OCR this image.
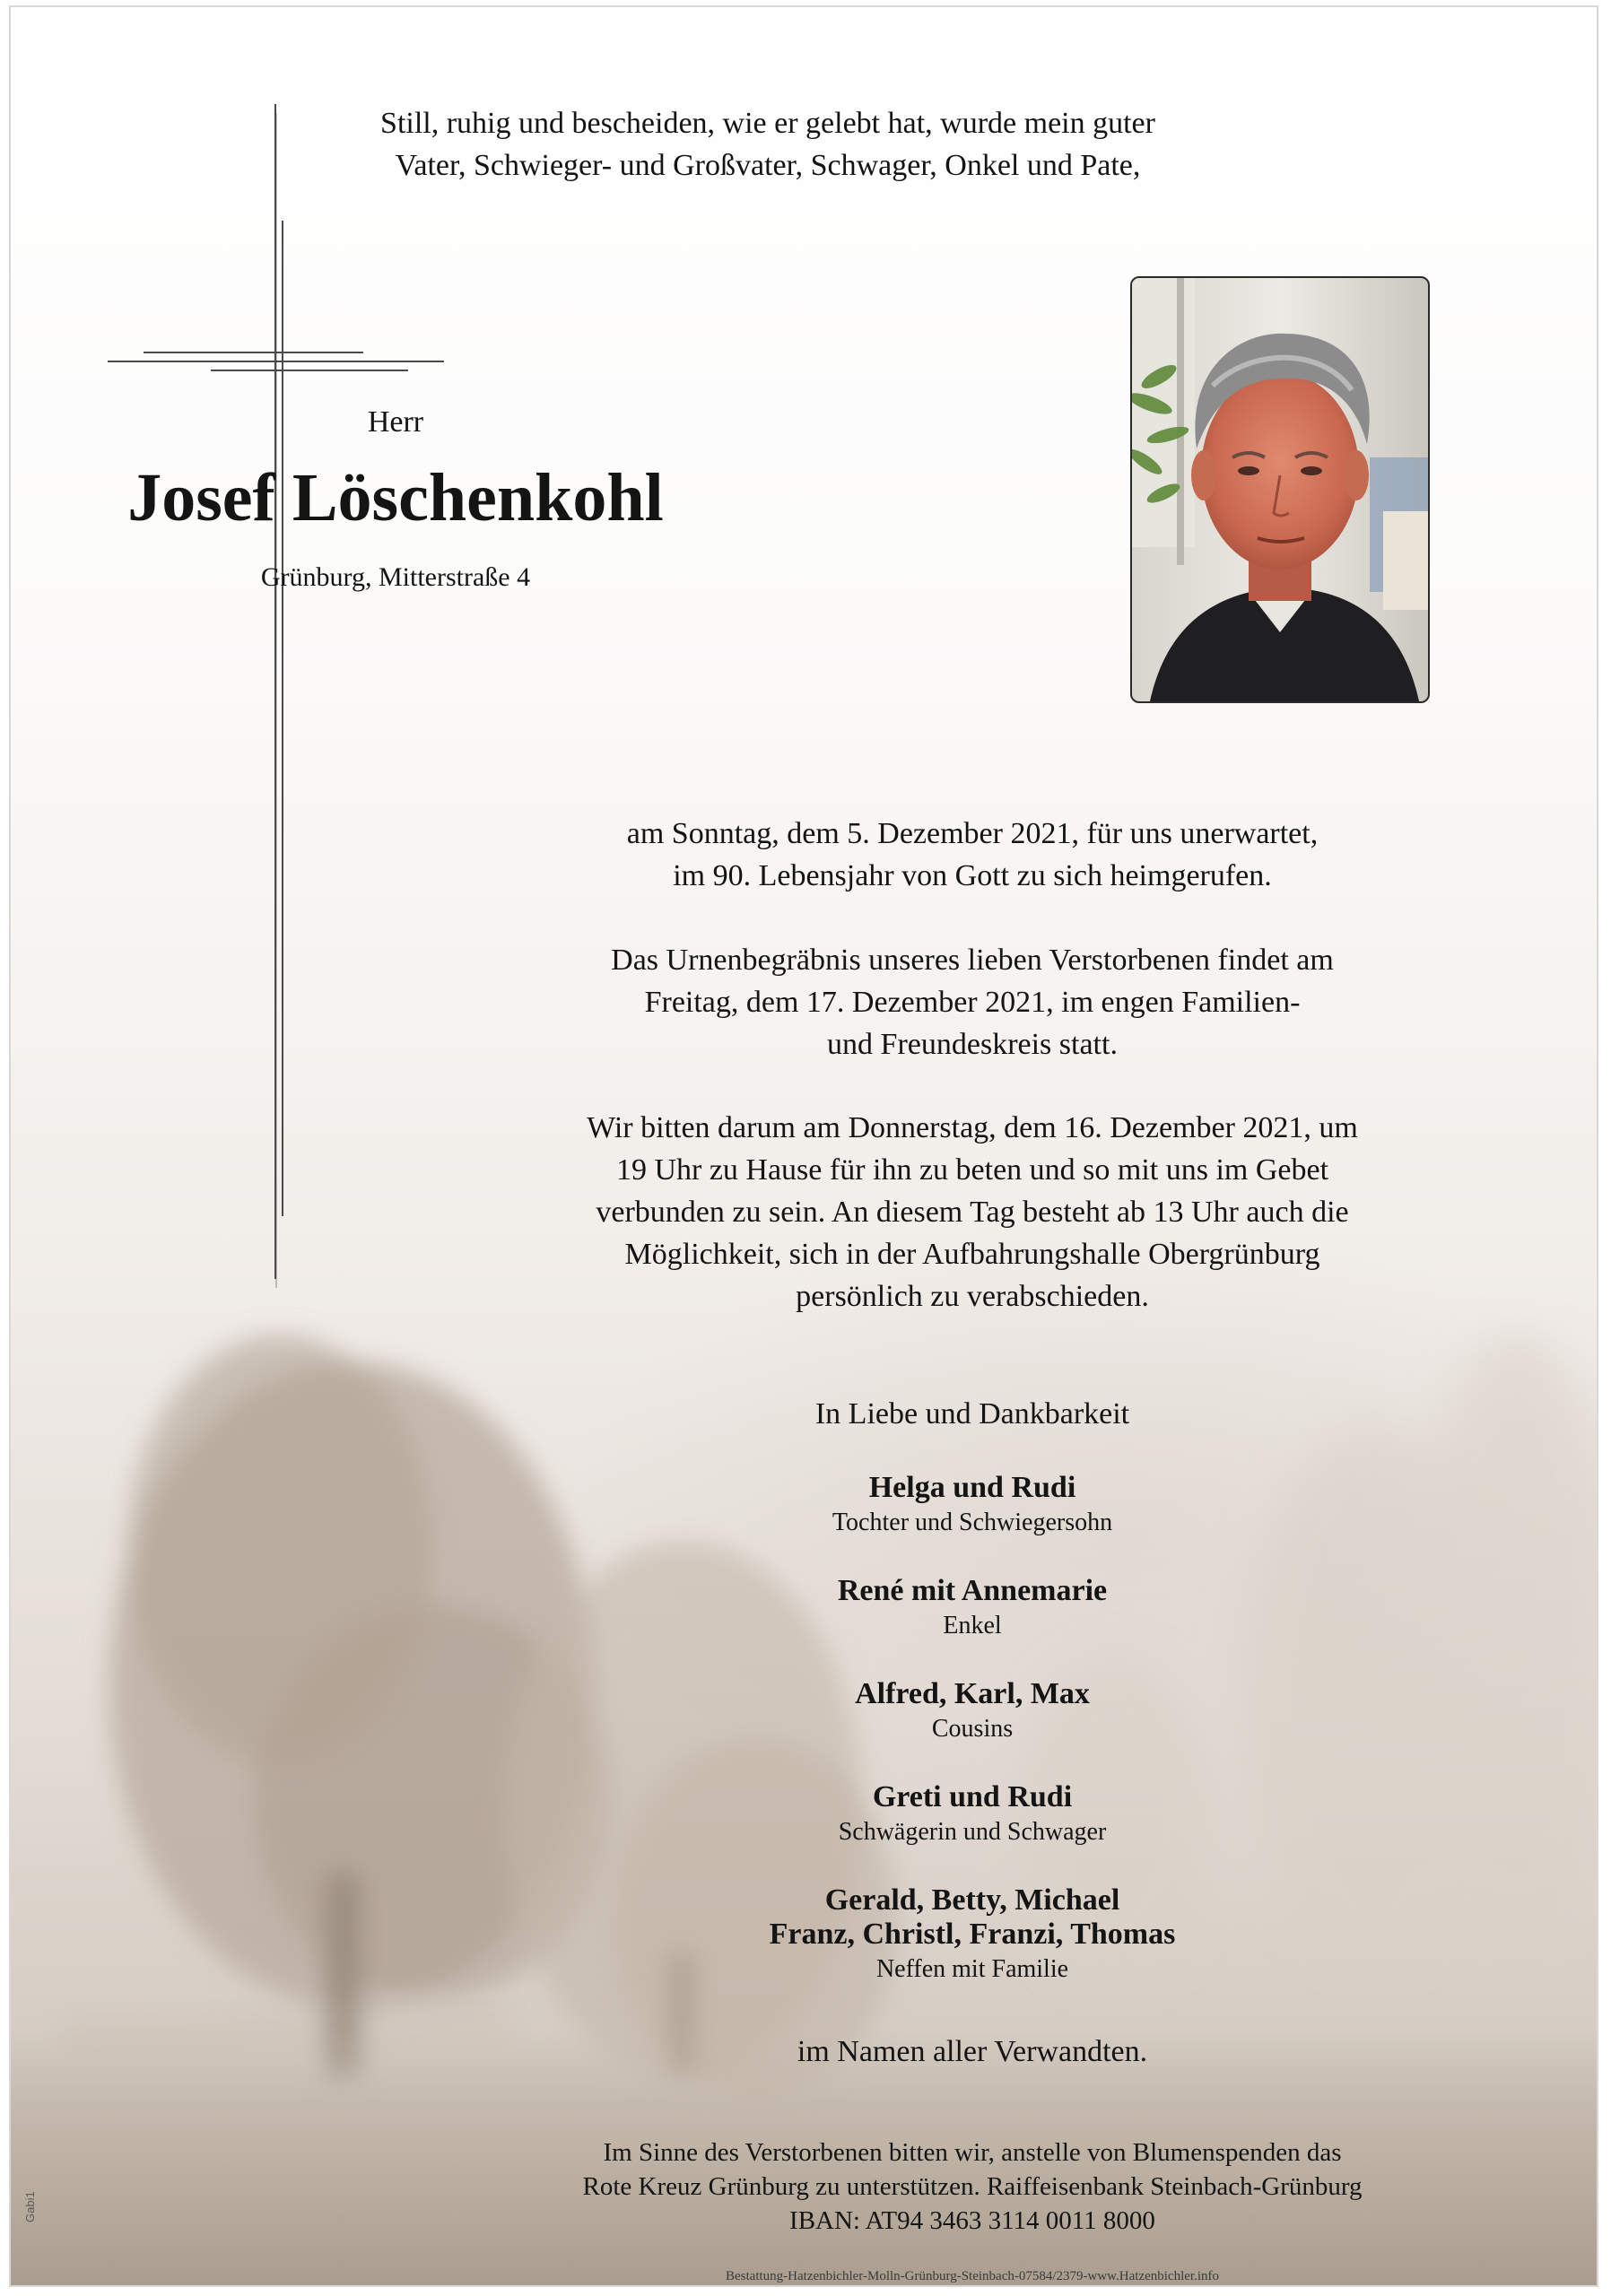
Still, ruhig und bescheiden, wie er gelebt hat, wurde mein guter

Vater, Schwieger- und Großvater, Schwager, Onkel und Pate,

Herr

Josef Löschenkohl

Grünburg, Mitterstraße 4

am Sonntag, dem 5. Dezember 2021, für uns unerwartet,

im 90. Lebensjahr von Gott zu sich heimgerufen.

Das Urnenbegräbnis unseres lieben Verstorbenen findet am

Freitag, dem 17. Dezember 2021, im engen Familien-

und Freundeskreis statt.

Wir bitten darum am Donnerstag, dem 16. Dezember 2021, um

19 Uhr zu Hause für ihn zu beten und so mit uns im Gebet

verbunden zu sein. An diesem Tag besteht ab 13 Uhr auch die

Möglichkeit, sich in der Aufbahrungshalle Obergrünburg

persönlich zu verabschieden.

In Liebe und Dankbarkeit

Helga und Rudi

Tochter und Schwiegersohn

René mit Annemarie

Enkel

Alfred, Karl, Max

Cousins

Greti und Rudi

Schwägerin und Schwager

Gerald, Betty, Michael

Franz, Christl, Franzi, Thomas

Neffen mit Familie

im Namen aller Verwandten.

Im Sinne des Verstorbenen bitten wir, anstelle von Blumenspenden das

Rote Kreuz Grünburg zu unterstützen. Raiffeisenbank Steinbach-Grünburg

IBAN: AT94 3463 3114 0011 8000

Bestattung-Hatzenbichler-Molln-Grünburg-Steinbach-07584/2379-www.Hatzenbichler.info

Gabi1
